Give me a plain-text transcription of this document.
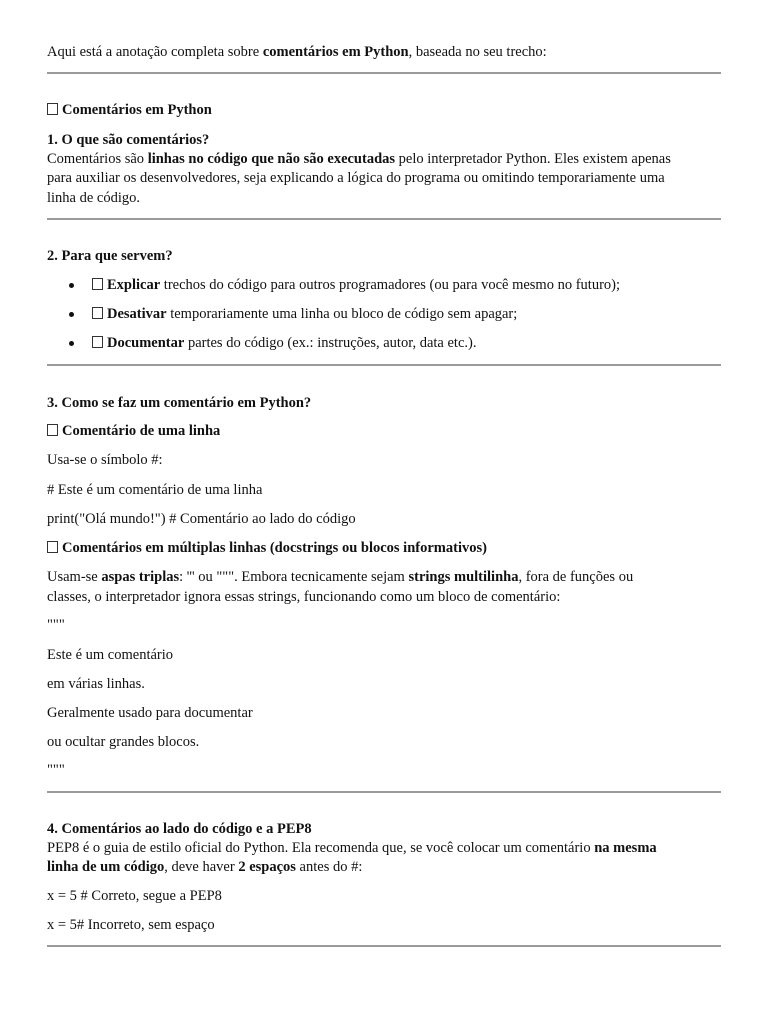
Aqui está a anotação completa sobre comentários em Python, baseada no seu trecho:
Comentários em Python
1. O que são comentários?
Comentários são linhas no código que não são executadas pelo interpretador Python. Eles existem apenas
para auxiliar os desenvolvedores, seja explicando a lógica do programa ou omitindo temporariamente uma
linha de código.
2. Para que servem?
Explicar trechos do código para outros programadores (ou para você mesmo no futuro);
Desativar temporariamente uma linha ou bloco de código sem apagar;
Documentar partes do código (ex.: instruções, autor, data etc.).
3. Como se faz um comentário em Python?
Comentário de uma linha
Usa-se o símbolo #:
# Este é um comentário de uma linha
print("Olá mundo!") # Comentário ao lado do código
Comentários em múltiplas linhas (docstrings ou blocos informativos)
Usam-se aspas triplas: ''' ou """. Embora tecnicamente sejam strings multilinha, fora de funções ou
classes, o interpretador ignora essas strings, funcionando como um bloco de comentário:
"""
Este é um comentário
em várias linhas.
Geralmente usado para documentar
ou ocultar grandes blocos.
"""
4. Comentários ao lado do código e a PEP8
PEP8 é o guia de estilo oficial do Python. Ela recomenda que, se você colocar um comentário na mesma
linha de um código, deve haver 2 espaços antes do #:
x = 5 # Correto, segue a PEP8
x = 5# Incorreto, sem espaço
